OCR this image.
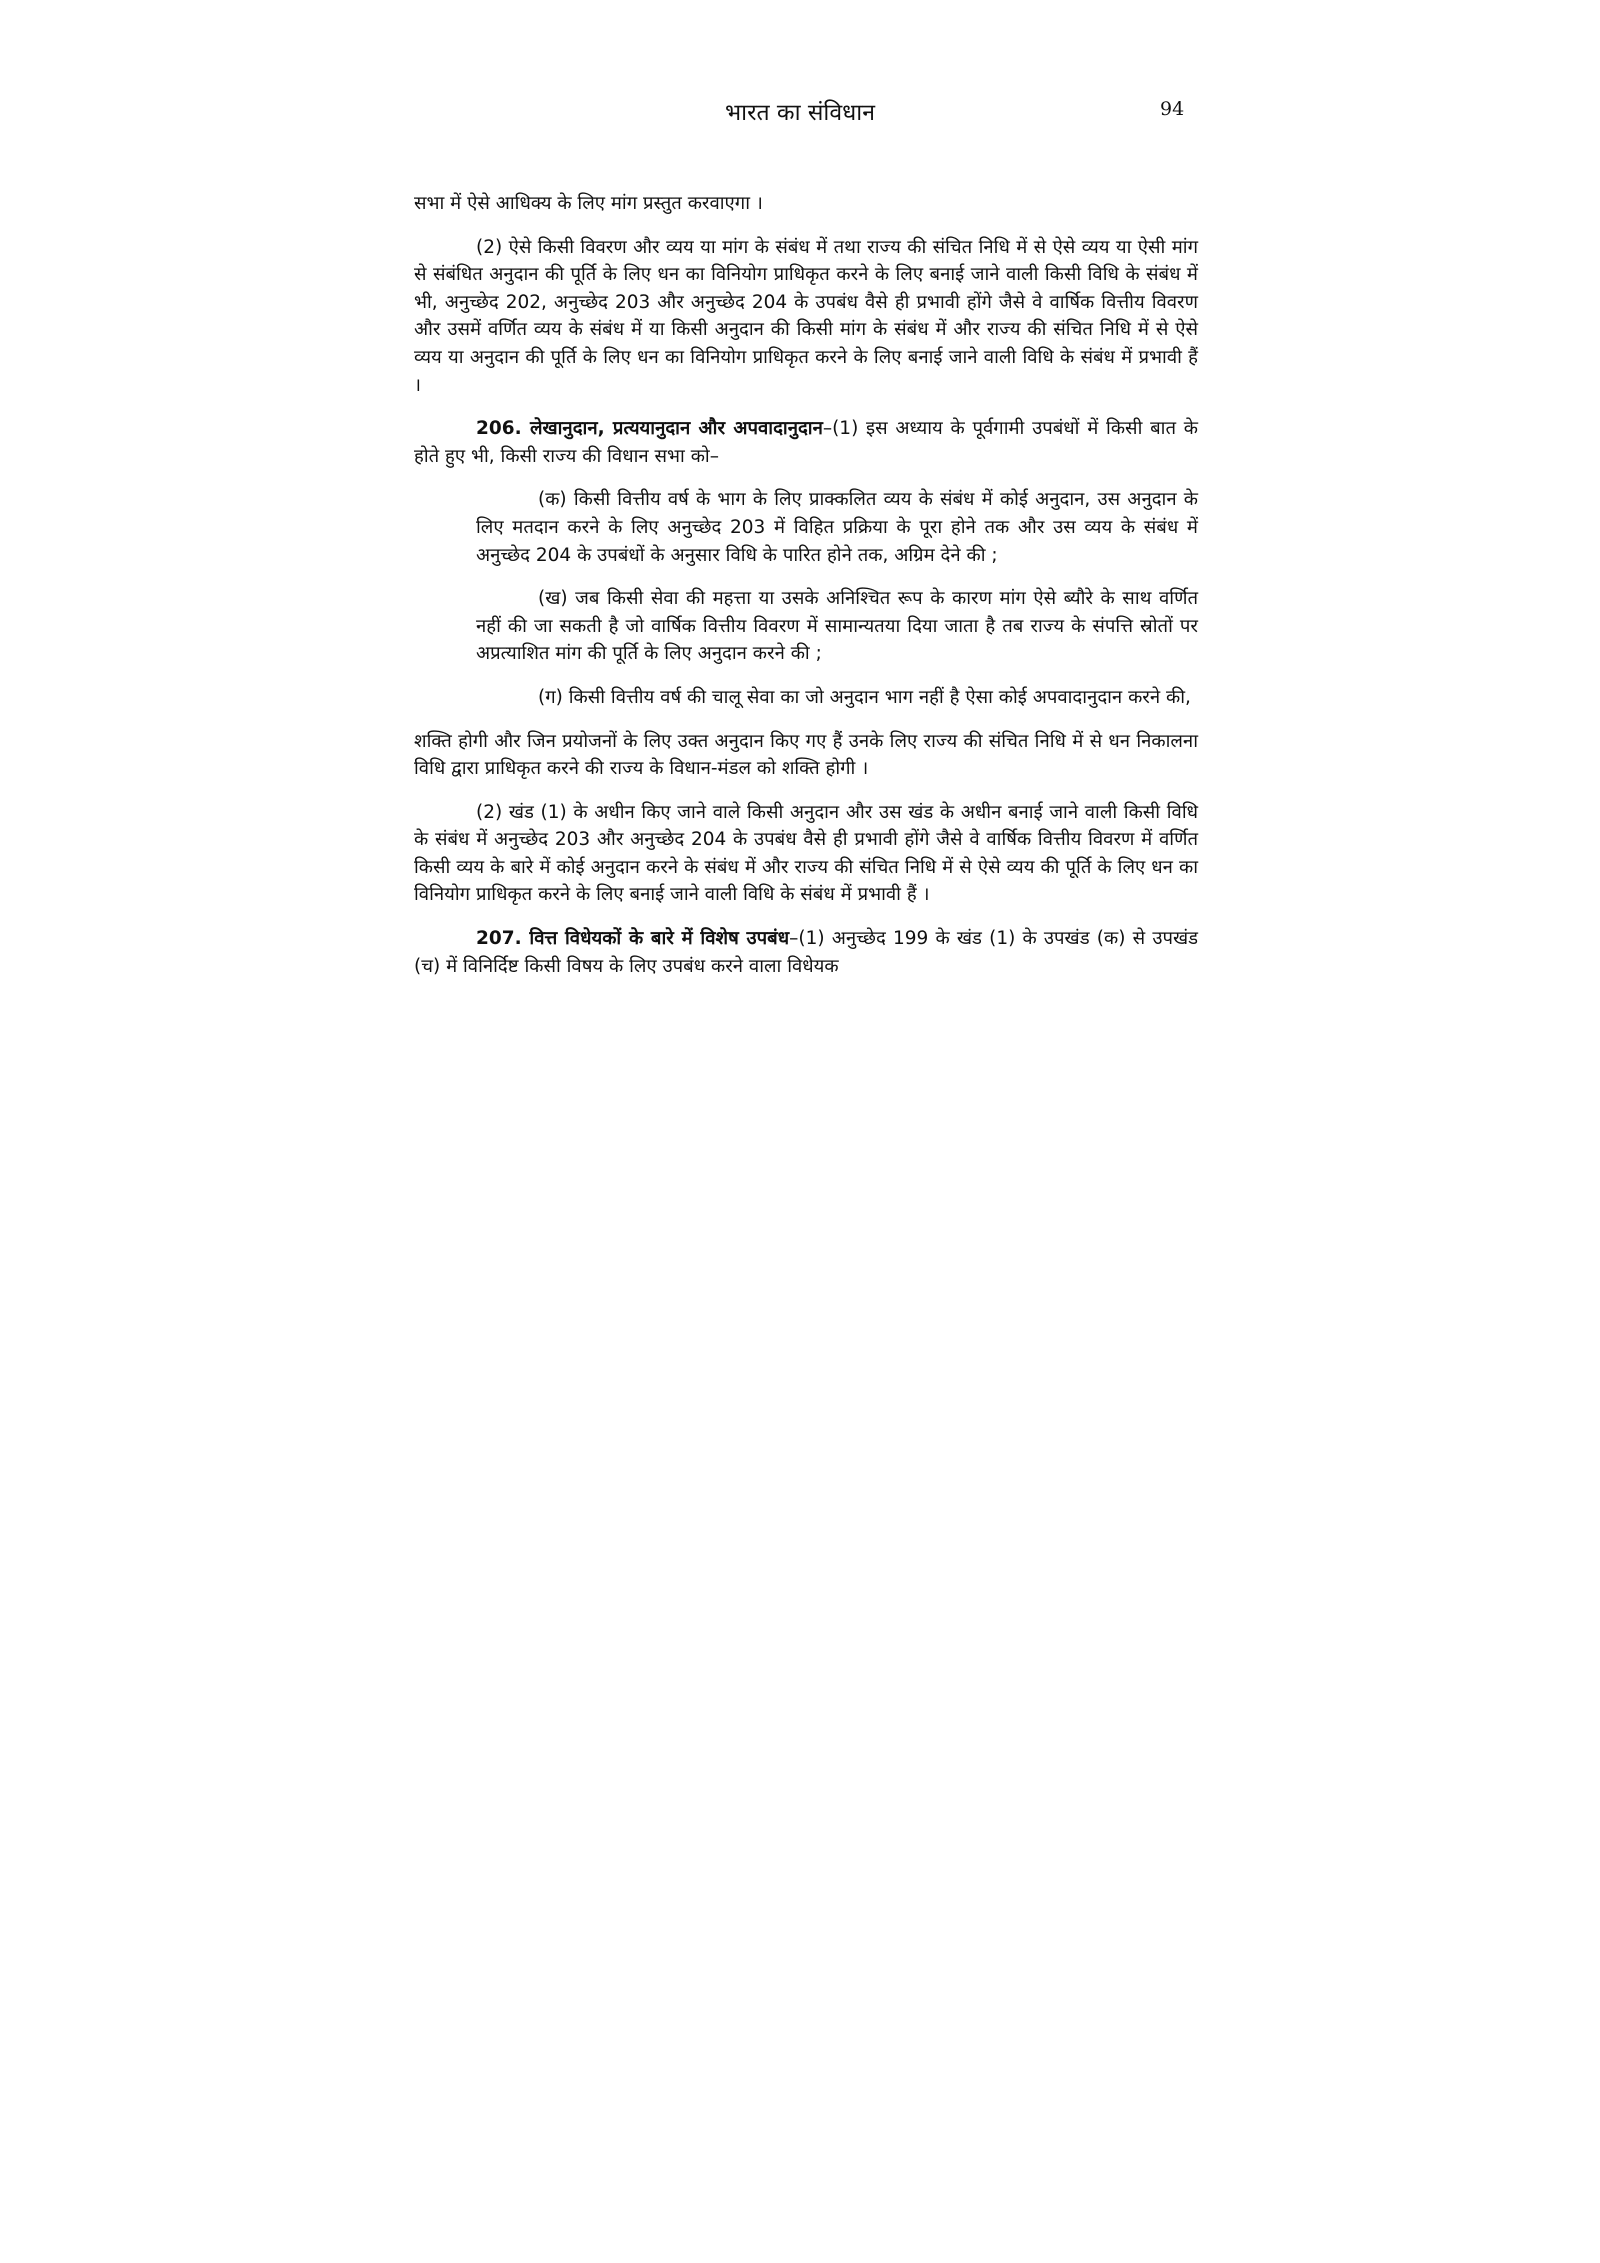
भारत का संविधान	94

सभा में ऐसे आधिक्य के लिए मांग प्रस्तुत करवाएगा ।

(2) ऐसे किसी विवरण और व्यय या मांग के संबंध में तथा राज्य की संचित निधि में से ऐसे व्यय या ऐसी मांग से संबंधित अनुदान की पूर्ति के लिए धन का विनियोग प्राधिकृत करने के लिए बनाई जाने वाली किसी विधि के संबंध में भी, अनुच्छेद 202, अनुच्छेद 203 और अनुच्छेद 204 के उपबंध वैसे ही प्रभावी होंगे जैसे वे वार्षिक वित्तीय विवरण और उसमें वर्णित व्यय के संबंध में या किसी अनुदान की किसी मांग के संबंध में और राज्य की संचित निधि में से ऐसे व्यय या अनुदान की पूर्ति के लिए धन का विनियोग प्राधिकृत करने के लिए बनाई जाने वाली विधि के संबंध में प्रभावी हैं ।

206. लेखानुदान, प्रत्ययानुदान और अपवादानुदान–(1) इस अध्याय के पूर्वगामी उपबंधों में किसी बात के होते हुए भी, किसी राज्य की विधान सभा को–

(क) किसी वित्तीय वर्ष के भाग के लिए प्राक्कलित व्यय के संबंध में कोई अनुदान, उस अनुदान के लिए मतदान करने के लिए अनुच्छेद 203 में विहित प्रक्रिया के पूरा होने तक और उस व्यय के संबंध में अनुच्छेद 204 के उपबंधों के अनुसार विधि के पारित होने तक, अग्रिम देने की ;

(ख) जब किसी सेवा की महत्ता या उसके अनिश्चित रूप के कारण मांग ऐसे ब्यौरे के साथ वर्णित नहीं की जा सकती है जो वार्षिक वित्तीय विवरण में सामान्यतया दिया जाता है तब राज्य के संपत्ति स्रोतों पर अप्रत्याशित मांग की पूर्ति के लिए अनुदान करने की ;

(ग) किसी वित्तीय वर्ष की चालू सेवा का जो अनुदान भाग नहीं है ऐसा कोई अपवादानुदान करने की,

शक्ति होगी और जिन प्रयोजनों के लिए उक्त अनुदान किए गए हैं उनके लिए राज्य की संचित निधि में से धन निकालना विधि द्वारा प्राधिकृत करने की राज्य के विधान-मंडल को शक्ति होगी ।

(2) खंड (1) के अधीन किए जाने वाले किसी अनुदान और उस खंड के अधीन बनाई जाने वाली किसी विधि के संबंध में अनुच्छेद 203 और अनुच्छेद 204 के उपबंध वैसे ही प्रभावी होंगे जैसे वे वार्षिक वित्तीय विवरण में वर्णित किसी व्यय के बारे में कोई अनुदान करने के संबंध में और राज्य की संचित निधि में से ऐसे व्यय की पूर्ति के लिए धन का विनियोग प्राधिकृत करने के लिए बनाई जाने वाली विधि के संबंध में प्रभावी हैं ।

207. वित्त विधेयकों के बारे में विशेष उपबंध–(1) अनुच्छेद 199 के खंड (1) के उपखंड (क) से उपखंड (च) में विनिर्दिष्ट किसी विषय के लिए उपबंध करने वाला विधेयक
